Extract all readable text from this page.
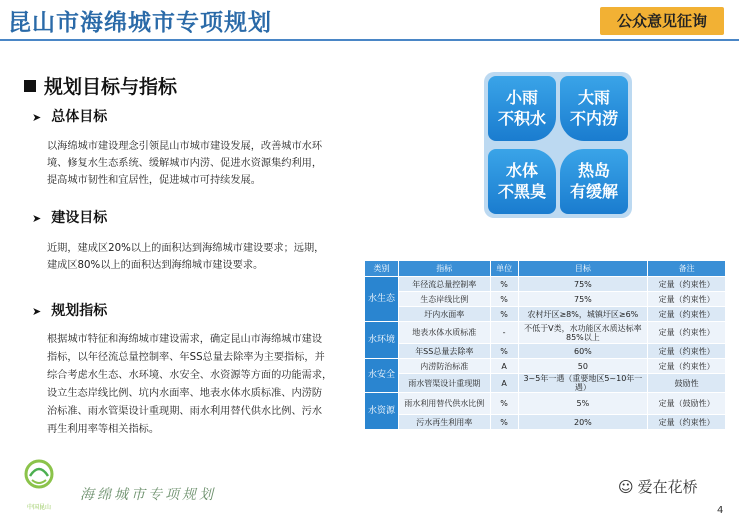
昆山市海绵城市专项规划	公众意见征询
规划目标与指标
➤ 总体目标
以海绵城市建设理念引领昆山市城市建设发展，改善城市水环
境、修复水生态系统、缓解城市内涝、促进水资源集约利用，
提高城市韧性和宜居性，促进城市可持续发展。
➤ 建设目标
近期，建成区20%以上的面积达到海绵城市建设要求；远期，
建成区80%以上的面积达到海绵城市建设要求。
➤ 规划指标
根据城市特征和海绵城市建设需求，确定昆山市海绵城市建设
指标，以年径流总量控制率、年SS总量去除率为主要指标，并
综合考虑水生态、水环境、水安全、水资源等方面的功能需求，
设立生态岸线比例、坑内水面率、地表水体水质标准、内涝防
治标准、雨水管渠设计重现期、雨水利用替代供水比例、污水
再生利用率等相关指标。
小雨
不积水
大雨
不内涝
水体
不黑臭
热岛
有缓解
类别	指标	单位	目标	备注
水生态	年径流总量控制率	%	75%	定量（约束性）
	生态岸线比例	%	75%	定量（约束性）
	圩内水面率	%	农村圩区≥8%，城镇圩区≥6%	定量（约束性）
水环境	地表水体水质标准	-	不低于Ⅴ类，水功能区水质达标率85%以上	定量（约束性）
	年SS总量去除率	%	60%	定量（约束性）
水安全	内涝防治标准	A	50	定量（约束性）
	雨水管渠设计重现期	A	3~5年一遇（重要地区5~10年一遇）	鼓励性
水资源	雨水利用替代供水比例	%	5%	定量（鼓励性）
	污水再生利用率	%	20%	定量（约束性）
中国昆山
海绵城市专项规划	☺ 爱在花桥
4
